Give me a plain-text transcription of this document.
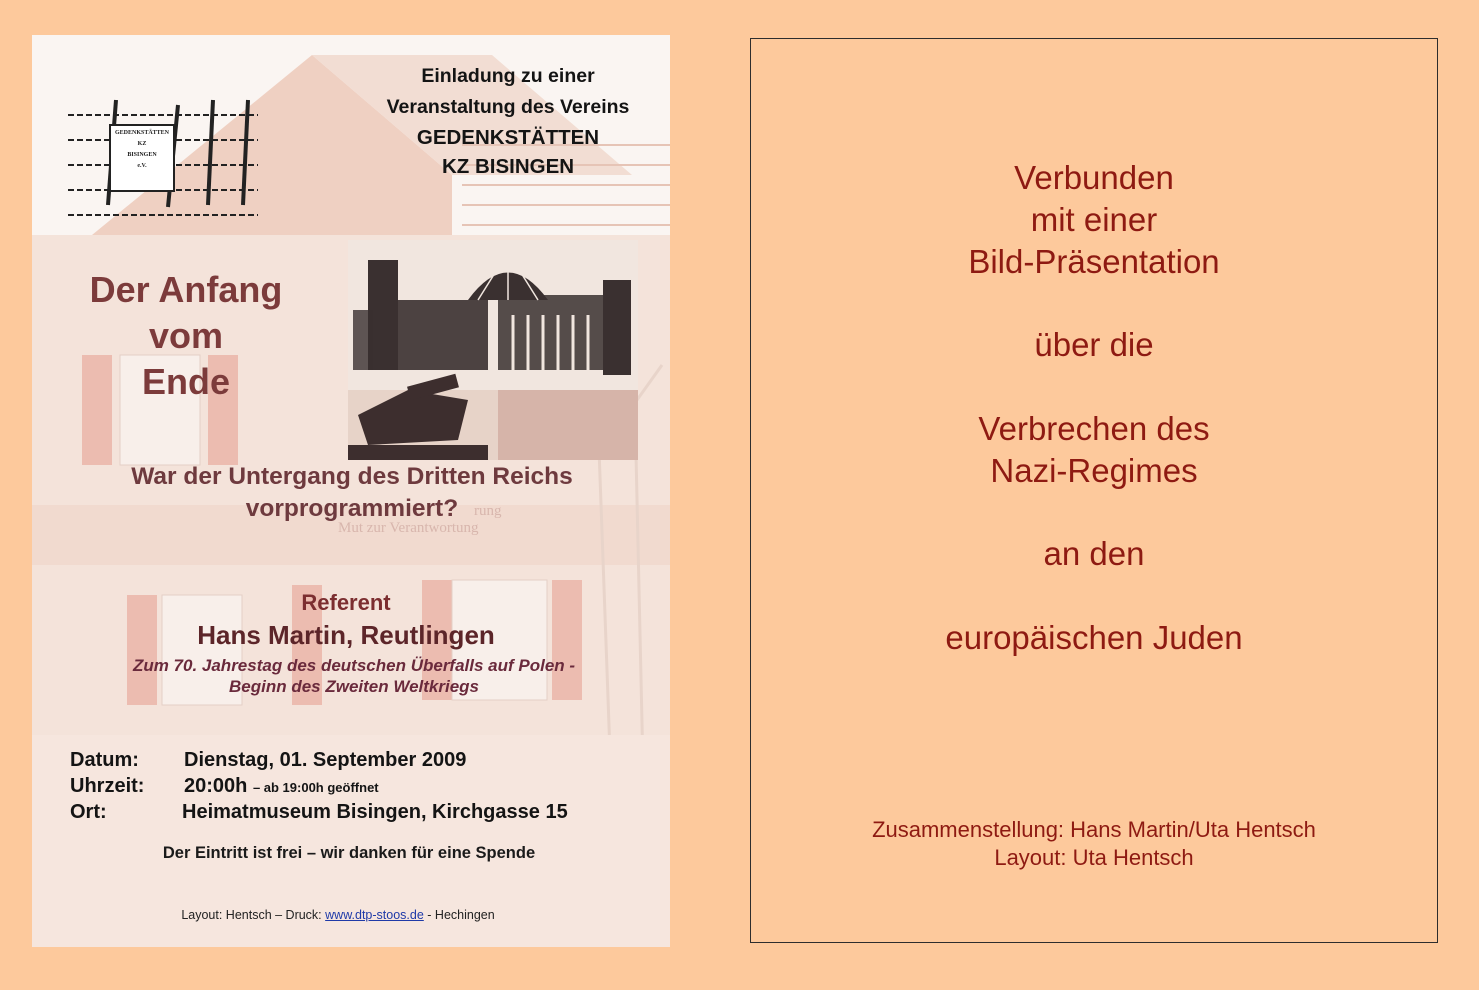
GEDENKSTÄTTEN
KZ
BISINGEN
e.V.
Einladung zu einer
Veranstaltung des Vereins
GEDENKSTÄTTEN
KZ BISINGEN
Der Anfang
vom
Ende
War der Untergang des Dritten Reichs
vorprogrammiert?	rung
Mut zur Verantwortung
Referent
Hans Martin, Reutlingen
Zum 70. Jahrestag des deutschen Überfalls auf Polen -
Beginn des Zweiten Weltkriegs
Datum: Dienstag, 01. September 2009
Uhrzeit: 20:00h – ab 19:00h geöffnet
Ort:	Heimatmuseum Bisingen, Kirchgasse 15
Der Eintritt ist frei – wir danken für eine Spende
Layout: Hentsch – Druck: www.dtp-stoos.de - Hechingen
Verbunden
mit einer
Bild-Präsentation
über die
Verbrechen des
Nazi-Regimes
an den
europäischen Juden
Zusammenstellung: Hans Martin/Uta Hentsch
Layout: Uta Hentsch
